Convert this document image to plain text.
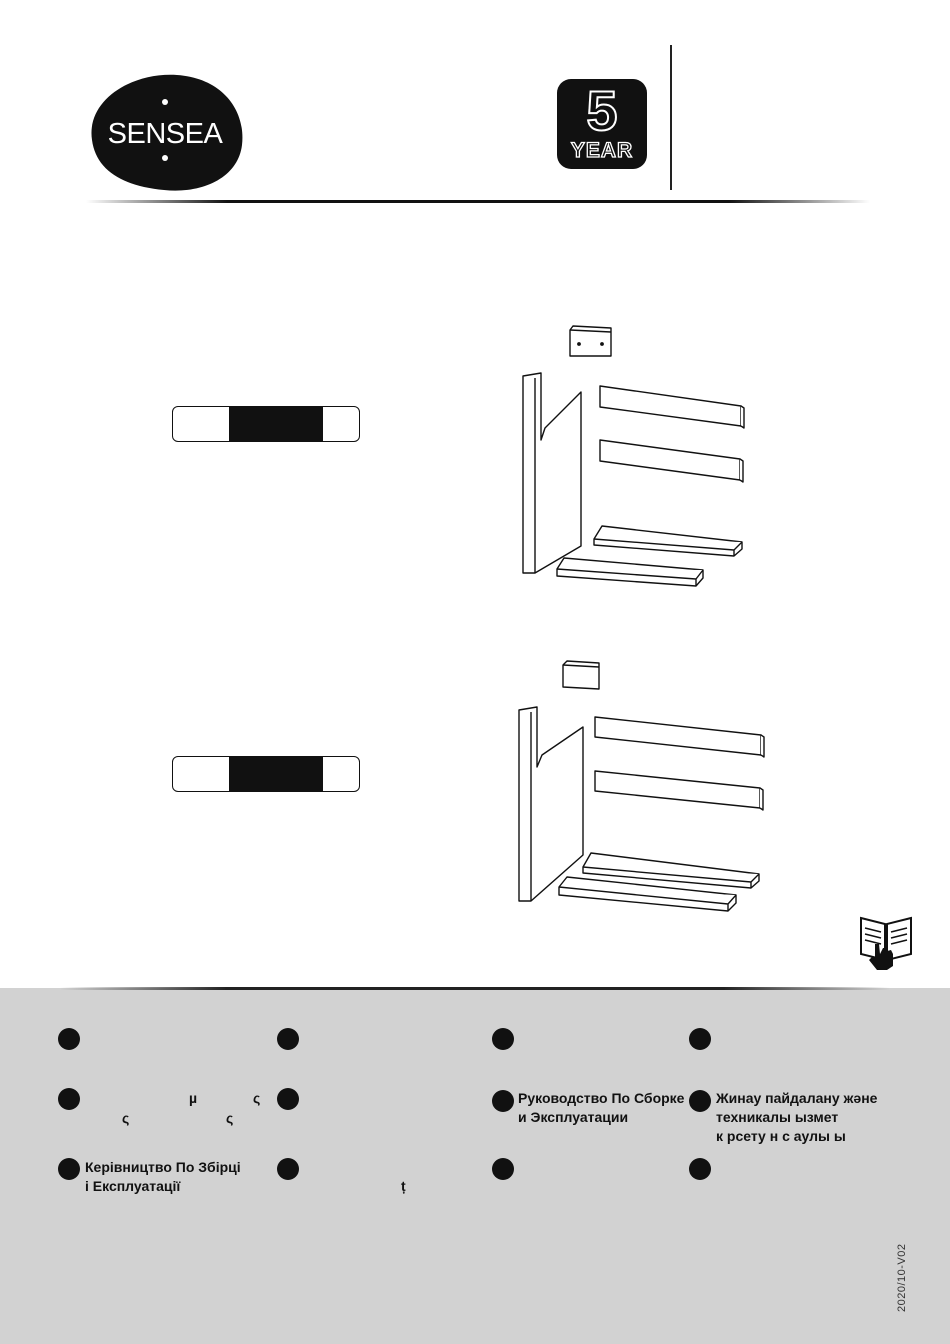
SENSEA	5
YEAR
µ
ς	ς
ς	Руководство По Сборке
и Эксплуатации
Жинау пайдалану және
техникалы ызмет
к рсету н с аулы ы
Керівництво По Збірці
і Експлуатації	ț
2020/10-V02
